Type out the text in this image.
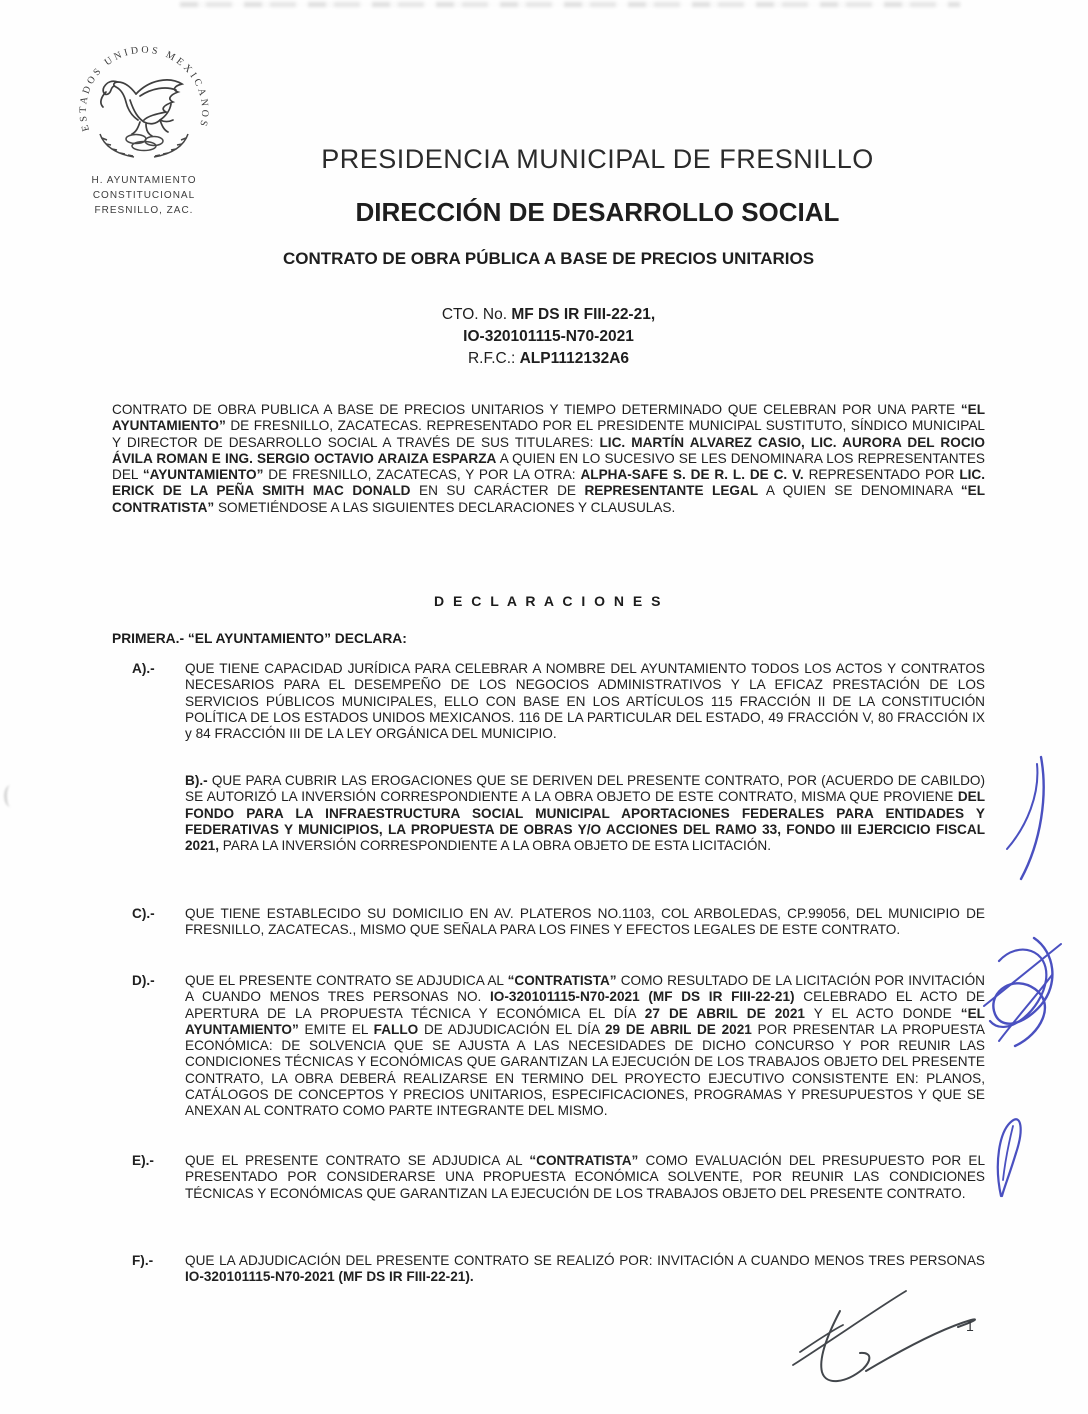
ESTADOS UNIDOS MEXICANOS
H. AYUNTAMIENTO
CONSTITUCIONAL
FRESNILLO, ZAC.
PRESIDENCIA MUNICIPAL DE FRESNILLO
DIRECCIÓN DE DESARROLLO SOCIAL
CONTRATO DE OBRA PÚBLICA A BASE DE PRECIOS UNITARIOS
CTO. No. MF DS IR FIII-22-21,
IO-320101115-N70-2021
R.F.C.: ALP1112132A6
CONTRATO DE OBRA PUBLICA A BASE DE PRECIOS UNITARIOS Y TIEMPO DETERMINADO QUE CELEBRAN POR UNA PARTE “EL AYUNTAMIENTO” DE FRESNILLO, ZACATECAS. REPRESENTADO POR EL PRESIDENTE MUNICIPAL SUSTITUTO, SÍNDICO MUNICIPAL Y DIRECTOR DE DESARROLLO SOCIAL A TRAVÉS DE SUS TITULARES: LIC. MARTÍN ALVAREZ CASIO, LIC. AURORA DEL ROCIO ÁVILA ROMAN E ING. SERGIO OCTAVIO ARAIZA ESPARZA A QUIEN EN LO SUCESIVO SE LES DENOMINARA LOS REPRESENTANTES DEL “AYUNTAMIENTO” DE FRESNILLO, ZACATECAS, Y POR LA OTRA: ALPHA-SAFE S. DE R. L. DE C. V. REPRESENTADO POR LIC. ERICK DE LA PEÑA SMITH MAC DONALD EN SU CARÁCTER DE REPRESENTANTE LEGAL A QUIEN SE DENOMINARA “EL CONTRATISTA” SOMETIÉNDOSE A LAS SIGUIENTES DECLARACIONES Y CLAUSULAS.
D E C L A R A C I O N E S
PRIMERA.- “EL AYUNTAMIENTO” DECLARA:
A).-	QUE TIENE CAPACIDAD JURÍDICA PARA CELEBRAR A NOMBRE DEL AYUNTAMIENTO TODOS LOS ACTOS Y CONTRATOS NECESARIOS PARA EL DESEMPEÑO DE LOS NEGOCIOS ADMINISTRATIVOS Y LA EFICAZ PRESTACIÓN DE LOS SERVICIOS PÚBLICOS MUNICIPALES, ELLO CON BASE EN LOS ARTÍCULOS 115 FRACCIÓN II DE LA CONSTITUCIÓN POLÍTICA DE LOS ESTADOS UNIDOS MEXICANOS. 116 DE LA PARTICULAR DEL ESTADO, 49 FRACCIÓN V, 80 FRACCIÓN IX y 84 FRACCIÓN III DE LA LEY ORGÁNICA DEL MUNICIPIO.
B).- QUE PARA CUBRIR LAS EROGACIONES QUE SE DERIVEN DEL PRESENTE CONTRATO, POR (ACUERDO DE CABILDO) SE AUTORIZÓ LA INVERSIÓN CORRESPONDIENTE A LA OBRA OBJETO DE ESTE CONTRATO, MISMA QUE PROVIENE DEL FONDO PARA LA INFRAESTRUCTURA SOCIAL MUNICIPAL APORTACIONES FEDERALES PARA ENTIDADES Y FEDERATIVAS Y MUNICIPIOS, LA PROPUESTA DE OBRAS Y/O ACCIONES DEL RAMO 33, FONDO III EJERCICIO FISCAL 2021, PARA LA INVERSIÓN CORRESPONDIENTE A LA OBRA OBJETO DE ESTA LICITACIÓN.
C).-	QUE TIENE ESTABLECIDO SU DOMICILIO EN AV. PLATEROS NO.1103, COL ARBOLEDAS, CP.99056, DEL MUNICIPIO DE FRESNILLO, ZACATECAS., MISMO QUE SEÑALA PARA LOS FINES Y EFECTOS LEGALES DE ESTE CONTRATO.
D).-	QUE EL PRESENTE CONTRATO SE ADJUDICA AL “CONTRATISTA” COMO RESULTADO DE LA LICITACIÓN POR INVITACIÓN A CUANDO MENOS TRES PERSONAS NO. IO-320101115-N70-2021 (MF DS IR FIII-22-21) CELEBRADO EL ACTO DE APERTURA DE LA PROPUESTA TÉCNICA Y ECONÓMICA EL DÍA 27 DE ABRIL DE 2021 Y EL ACTO DONDE “EL AYUNTAMIENTO” EMITE EL FALLO DE ADJUDICACIÓN EL DÍA 29 DE ABRIL DE 2021 POR PRESENTAR LA PROPUESTA ECONÓMICA: DE SOLVENCIA QUE SE AJUSTA A LAS NECESIDADES DE DICHO CONCURSO Y POR REUNIR LAS CONDICIONES TÉCNICAS Y ECONÓMICAS QUE GARANTIZAN LA EJECUCIÓN DE LOS TRABAJOS OBJETO DEL PRESENTE CONTRATO, LA OBRA DEBERÁ REALIZARSE EN TERMINO DEL PROYECTO EJECUTIVO CONSISTENTE EN: PLANOS, CATÁLOGOS DE CONCEPTOS Y PRECIOS UNITARIOS, ESPECIFICACIONES, PROGRAMAS Y PRESUPUESTOS Y QUE SE ANEXAN AL CONTRATO COMO PARTE INTEGRANTE DEL MISMO.
E).-	QUE EL PRESENTE CONTRATO SE ADJUDICA AL “CONTRATISTA” COMO EVALUACIÓN DEL PRESUPUESTO POR EL PRESENTADO POR CONSIDERARSE UNA PROPUESTA ECONÓMICA SOLVENTE, POR REUNIR LAS CONDICIONES TÉCNICAS Y ECONÓMICAS QUE GARANTIZAN LA EJECUCIÓN DE LOS TRABAJOS OBJETO DEL PRESENTE CONTRATO.
F).-	QUE LA ADJUDICACIÓN DEL PRESENTE CONTRATO SE REALIZÓ POR: INVITACIÓN A CUANDO MENOS TRES PERSONAS IO-320101115-N70-2021 (MF DS IR FIII-22-21).
1
